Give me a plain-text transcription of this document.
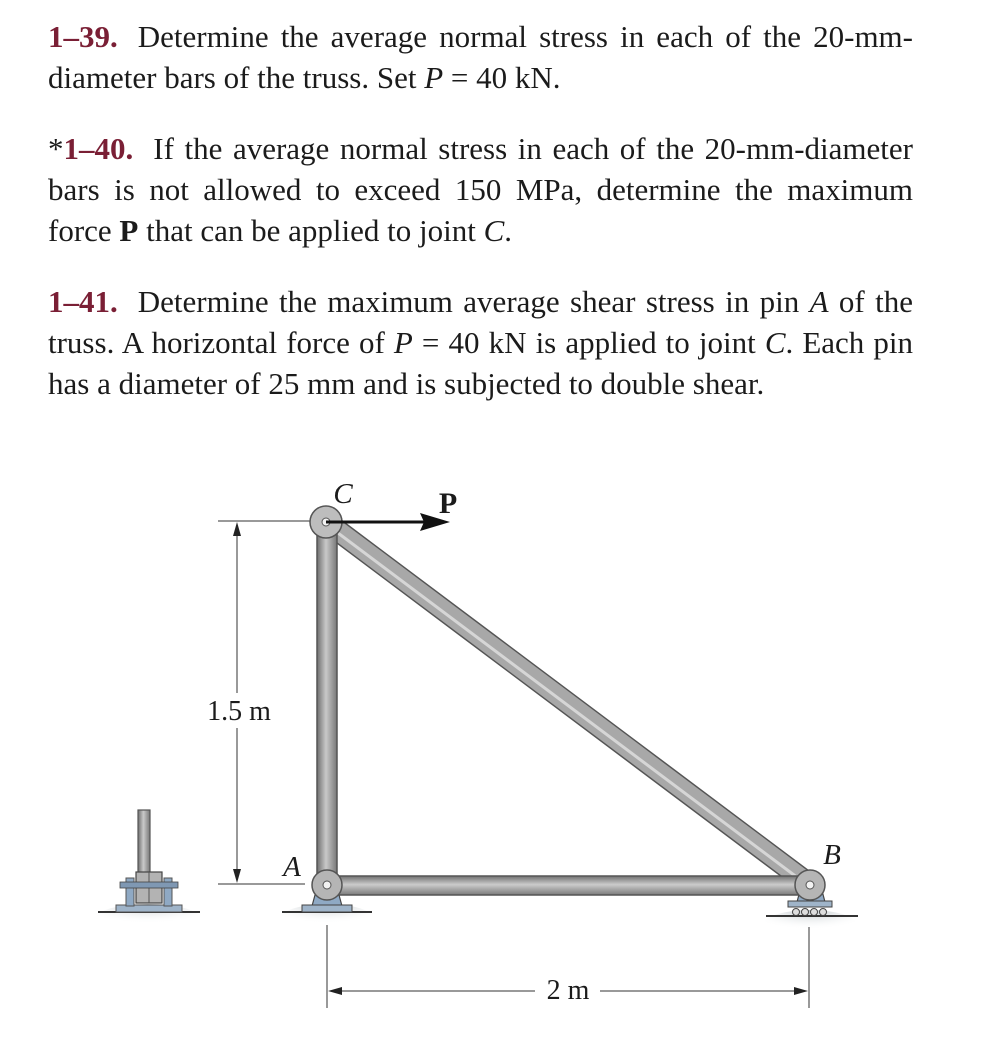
1–39. Determine the average normal stress in each of the 20-mm-diameter bars of the truss. Set P = 40 kN.

*1–40. If the average normal stress in each of the 20-mm-diameter bars is not allowed to exceed 150 MPa, determine the maximum force P that can be applied to joint C.

1–41. Determine the maximum average shear stress in pin A of the truss. A horizontal force of P = 40 kN is applied to joint C. Each pin has a diameter of 25 mm and is subjected to double shear.

1.5 m
2 m
P
C
A	B
